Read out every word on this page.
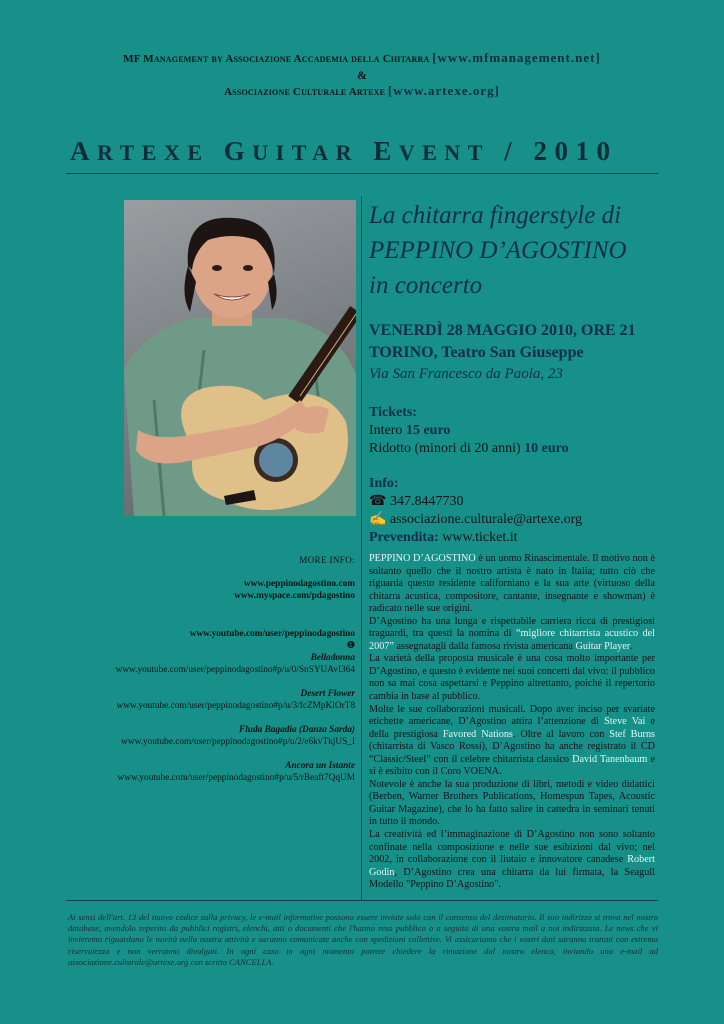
MF Management by Associazione Accademia della Chitarra [www.mfmanagement.net]
&
Associazione Culturale Artexe [www.artexe.org]
ARTEXE GUITAR EVENT / 2010
La chitarra fingerstyle di
PEPPINO D’AGOSTINO
in concerto
VENERDÌ 28 MAGGIO 2010, ORE 21
TORINO, Teatro San Giuseppe
Via San Francesco da Paola, 23
Tickets:
Intero 15 euro
Ridotto (minori di 20 anni) 10 euro
Info:
☎ 347.8447730
✍ associazione.culturale@artexe.org
Prevendita: www.ticket.it
PEPPINO D’AGOSTINO è un uomo Rinascimentale. Il motivo non è soltanto quello che il nostro artista è nato in Italia; tutto ciò che riguarda questo residente californiano e la sua arte (virtuoso della chitarra acustica, compositore, cantante, insegnante e showman) è radicato nelle sue origini.
D’Agostino ha una lunga e rispettabile carriera ricca di prestigiosi traguardi, tra questi la nomina di “migliore chitarrista acustico del 2007” assegnatagli dalla famosa rivista americana Guitar Player.
La varietà della proposta musicale è una cosa molto importante per D’Agostino, e questo è evidente nei suoi concerti dal vivo: il pubblico non sa mai cosa aspettarsi e Peppino altrettanto, poiché il repertorio cambia in base al pubblico.
Molte le sue collaborazioni musicali. Dopo aver inciso per svariate etichette americane, D’Agostino attira l’attenzione di Steve Vai e della prestigiosa Favored Nations. Oltre al lavoro con Stef Burns (chitarrista di Vasco Rossi), D’Agostino ha anche registrato il CD “Classic/Steel” con il celebre chitarrista classico David Tanenbaum e si è esibito con il Coro VOENA.
Notevole è anche la sua produzione di libri, metodi e video didattici (Berben, Warner Brothers Publications, Homespun Tapes, Acoustic Guitar Magazine), che lo ha fatto salire in cattedra in seminari tenuti in tutto il mondo.
La creatività ed l’immaginazione di D’Agostino non sono soltanto confinate nella composizione e nelle sue esibizioni dal vivo; nel 2002, in collaborazione con il liutaio e innovatore canadese Robert Godin, D’Agostino crea una chitarra da lui firmata, la Seagull Modello "Peppino D’Agostino".
MORE INFO:
www.peppinodagostino.com
www.myspace.com/pdagostino
www.youtube.com/user/peppinodagostino
❶
Belladonna
www.youtube.com/user/peppinodagostino#p/u/0/SnSYUAvI364
Desert Flower
www.youtube.com/user/peppinodagostino#p/u/3/fcZMpKlOrT8
Fluda Bagadia (Danza Sarda)
www.youtube.com/user/peppinodagostino#p/u/2/e6kvTkjUS_I
Ancora un Istante
www.youtube.com/user/peppinodagostino#p/u/5/rBeaft7QqUM
Ai sensi dell'art. 13 del nuovo codice sulla privacy, le e-mail informative possono essere inviate solo con il consenso del destinatario. Il suo indirizzo si trova nel nostro database, avendolo reperito da pubblici registri, elenchi, atti o documenti che l'hanno reso pubblico o a seguito di una vostra mail a noi indirizzata. Le news che vi invieremo riguardano le novità nella nostra attività e saranno comunicate anche con spedizioni collettive. Vi assicuriamo che i vostri dati saranno trattati con estrema riservatezza e non verranno divulgati. In ogni caso in ogni momento potrete chiedere la rimozione dal nostro elenco, inviando una e-mail ad associazione.culturale@artexe.org con scritto CANCELLA.
